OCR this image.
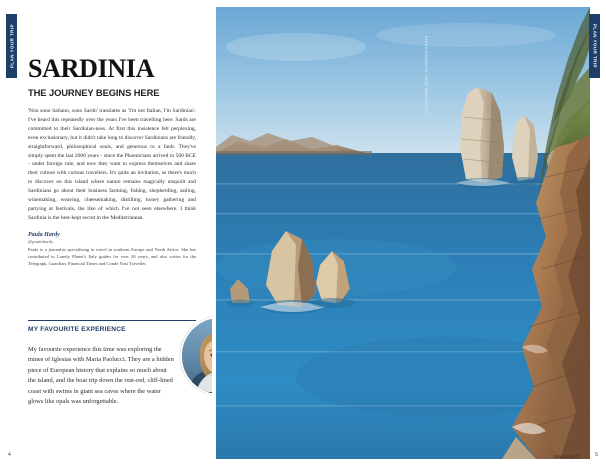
PLAN YOUR TRIP
SARDINIA
THE JOURNEY BEGINS HERE

'Non sono italiano, sono Sardo' translates as 'I'm not Italian, I'm Sardinian'. I've heard this repeatedly over the years I've been travelling here. Sards are committed to their Sardinian-ness. At first this insistence felt perplexing, even exclusionary, but it didn't take long to discover Sardinians are friendly, straightforward, philosophical souls, and generous to a fault. They've simply spent the last 2000 years - since the Phoenicians arrived in 500 BCE - under foreign rule, and now they want to express themselves and share their culture with curious travellers. It's quite an invitation, as there's much to discover on this island where nature remains magically unspoilt and Sardinians go about their business farming, fishing, shepherding, sailing, winemaking, weaving, cheesemaking, distilling, honey gathering and partying at festivals, the like of which I've not seen elsewhere. I think Sardinia is the best-kept secret in the Mediterranean.

Paula Hardy

@paulahardy

Paula is a journalist specialising in travel in southern Europe and North Africa. She has contributed to Lonely Planet's Italy guides for over 20 years, and also writes for the Telegraph, Guardian, Financial Times and Conde Nast Traveller.

MY FAVOURITE EXPERIENCE
My favourite experience this time was exploring the mines of Iglesias with Maria Paolucci. They are a hidden piece of European history that explains so much about the island, and the boat trip down the rust-red, cliff-lined coast with swims in giant sea caves where the water glows like opals was unforgettable.
4
ELENA ODAREEVA / SHUTTERSTOCK ©	PLAN YOUR TRIP
Masua (p87)	5
